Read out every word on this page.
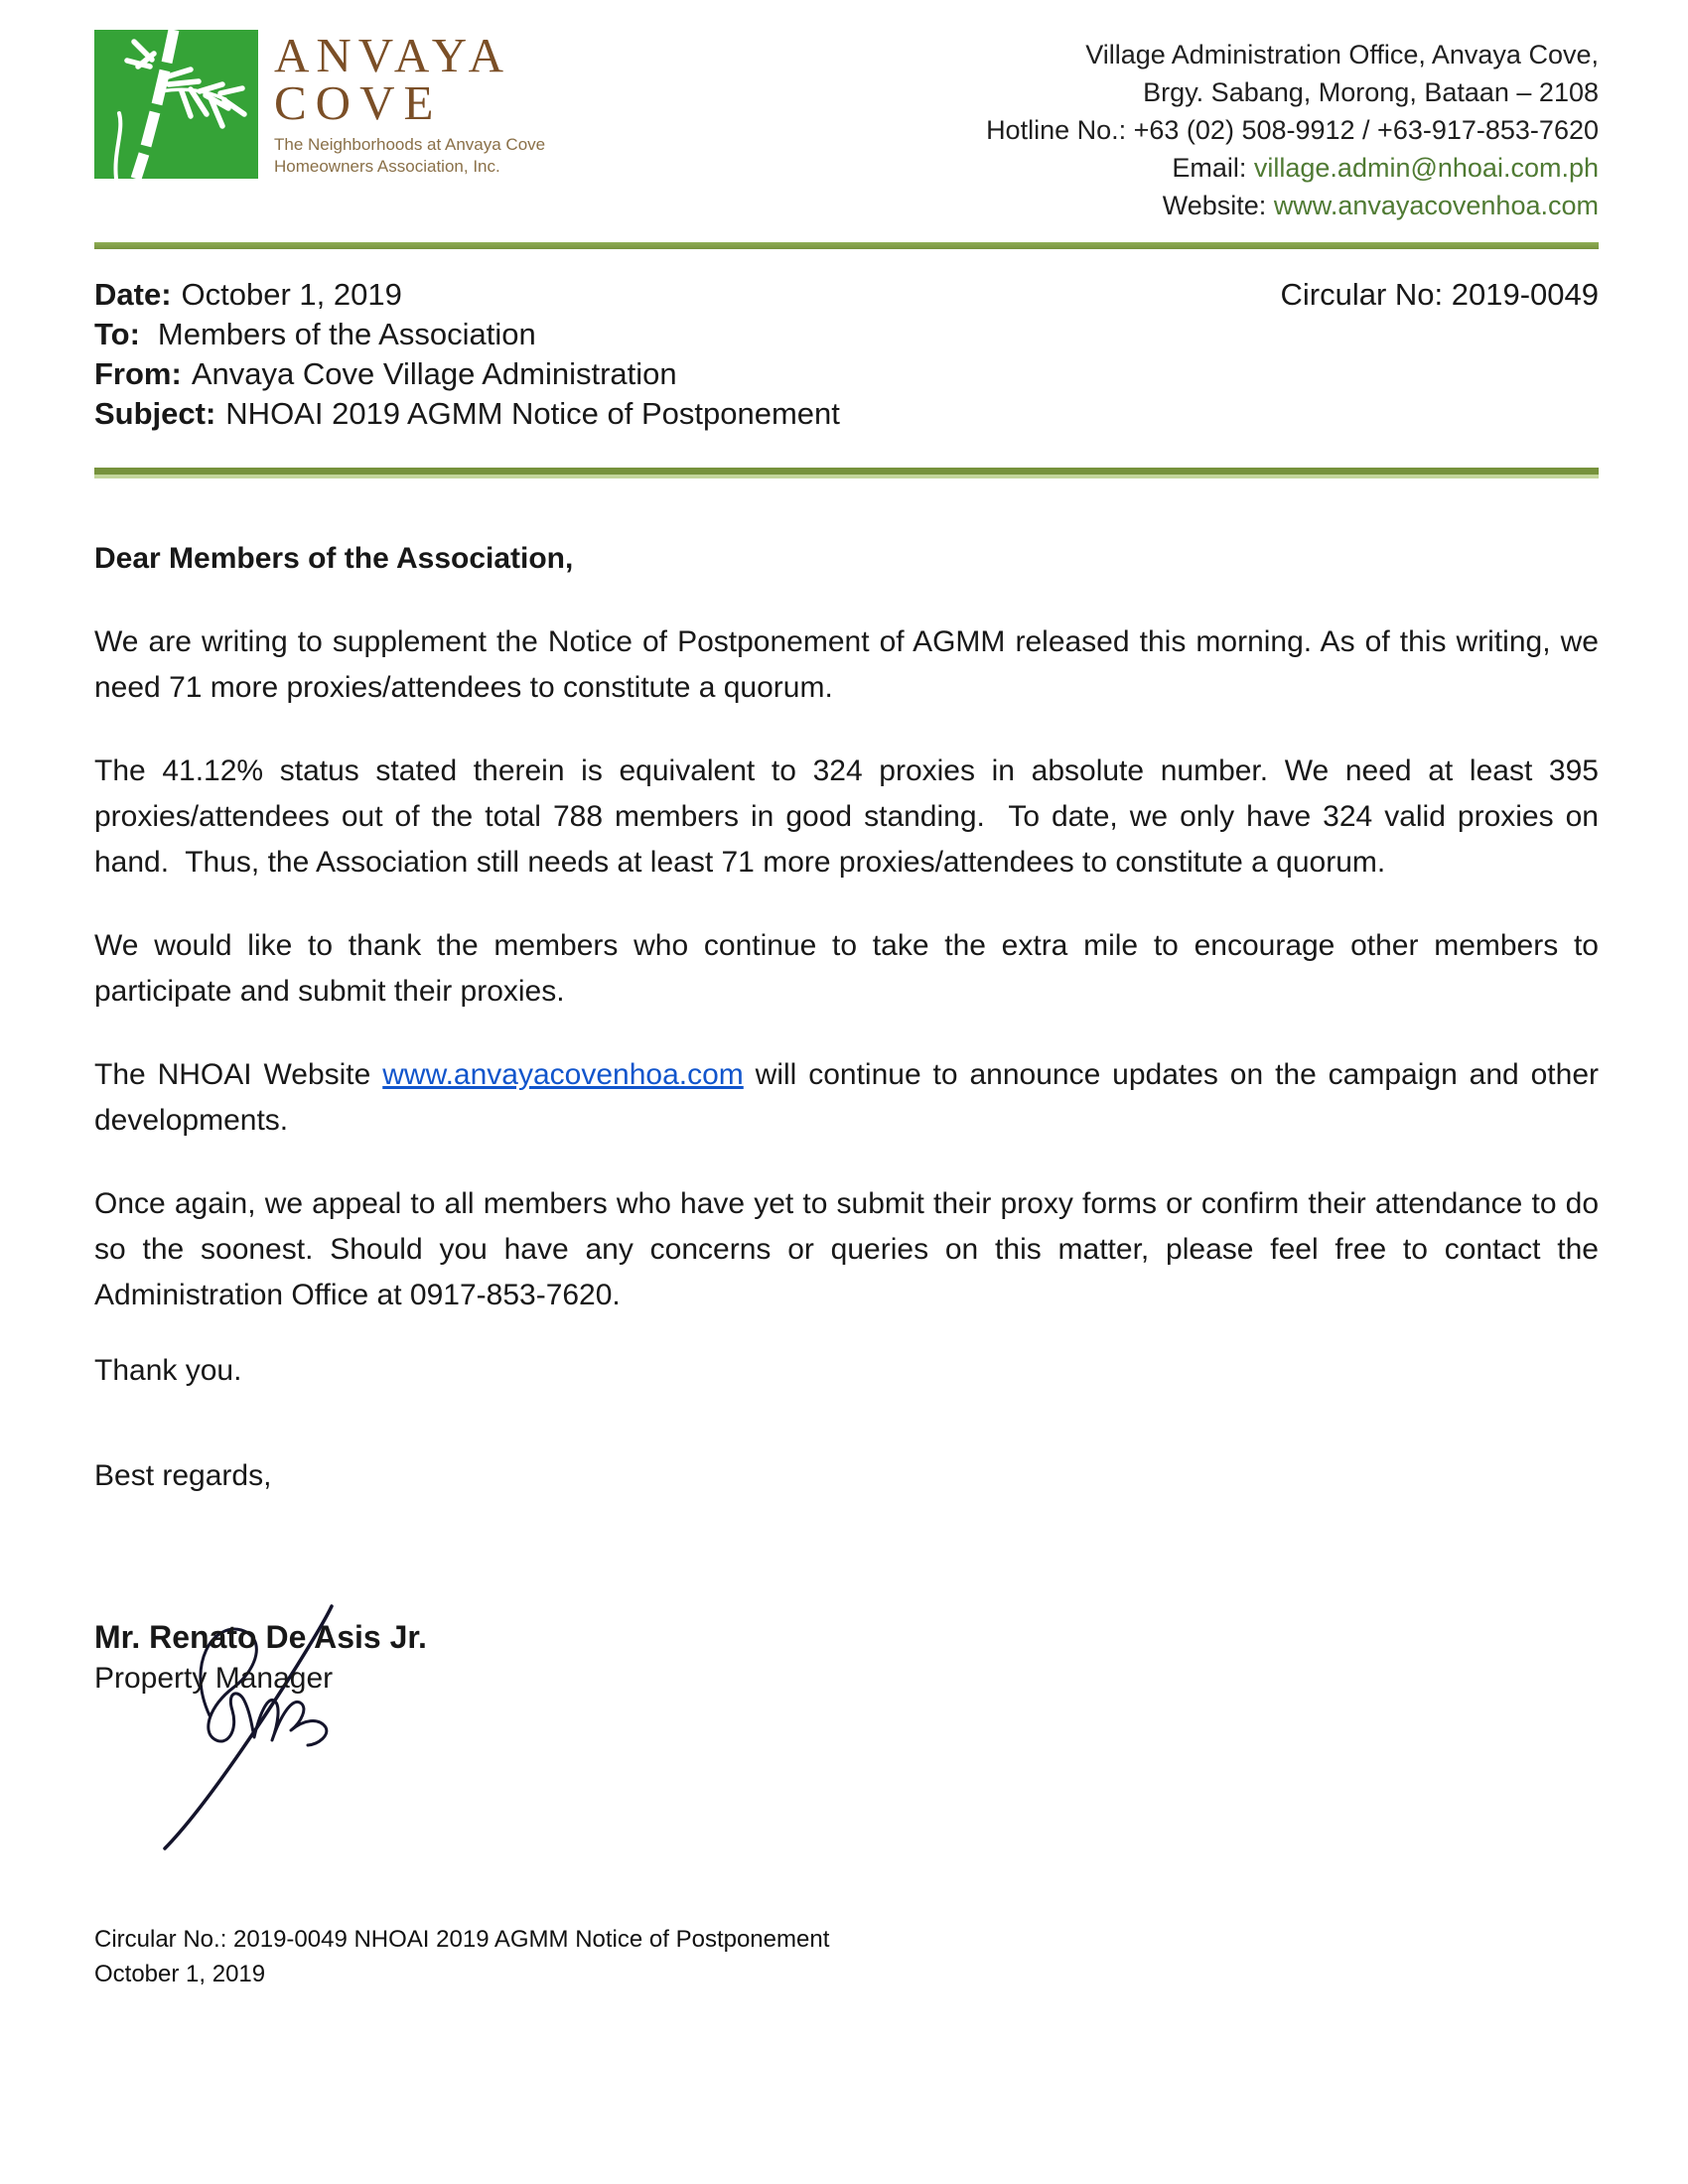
ANVAYA
COVE
The Neighborhoods at Anvaya Cove
Homeowners Association, Inc.
Village Administration Office, Anvaya Cove,
Brgy. Sabang, Morong, Bataan – 2108
Hotline No.: +63 (02) 508-9912 / +63-917-853-7620
Email: village.admin@nhoai.com.ph
Website: www.anvayacovenhoa.com
Date: October 1, 2019	Circular No: 2019-0049
To: Members of the Association
From: Anvaya Cove Village Administration
Subject: NHOAI 2019 AGMM Notice of Postponement

Dear Members of the Association,

We are writing to supplement the Notice of Postponement of AGMM released this morning. As of this writing, we need 71 more proxies/attendees to constitute a quorum.

The 41.12% status stated therein is equivalent to 324 proxies in absolute number. We need at least 395 proxies/attendees out of the total 788 members in good standing.  To date, we only have 324 valid proxies on hand.  Thus, the Association still needs at least 71 more proxies/attendees to constitute a quorum.

We would like to thank the members who continue to take the extra mile to encourage other members to participate and submit their proxies.

The NHOAI Website www.anvayacovenhoa.com will continue to announce updates on the campaign and other developments.

Once again, we appeal to all members who have yet to submit their proxy forms or confirm their attendance to do so the soonest. Should you have any concerns or queries on this matter, please feel free to contact the Administration Office at 0917-853-7620.

Thank you.

Best regards,

Mr. Renato De Asis Jr.
Property Manager
Circular No.: 2019-0049 NHOAI 2019 AGMM Notice of Postponement
October 1, 2019
